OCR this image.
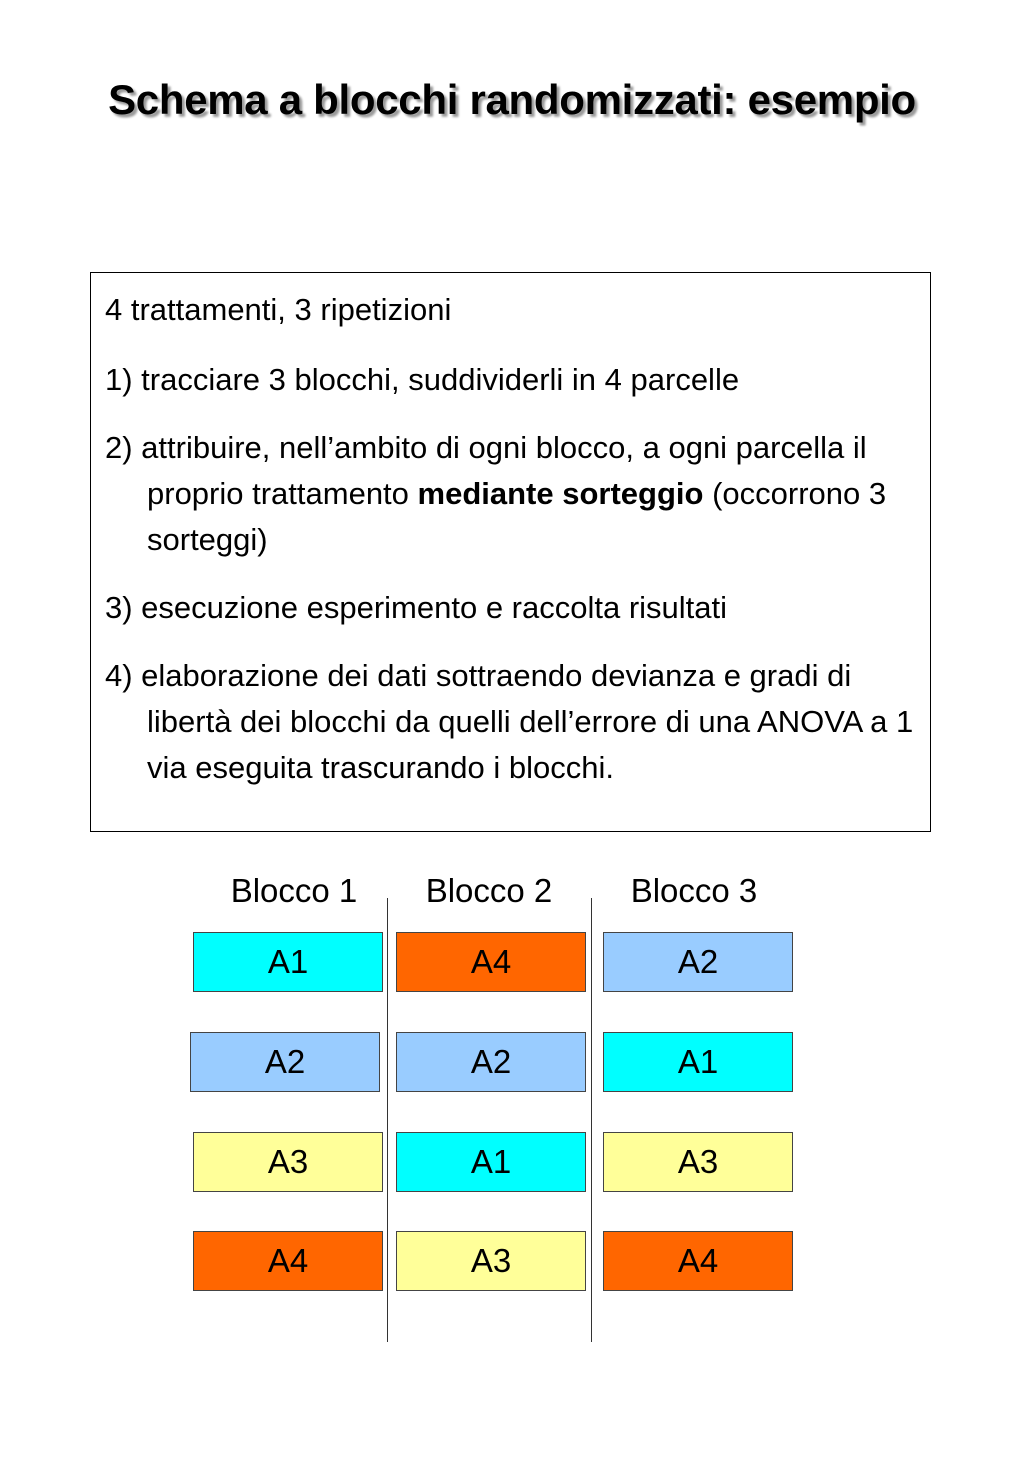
Schema a blocchi randomizzati: esempio

4 trattamenti, 3 ripetizioni

1) tracciare 3 blocchi, suddividerli in 4 parcelle

2) attribuire, nell’ambito di ogni blocco, a ogni parcella il proprio trattamento mediante sorteggio (occorrono 3 sorteggi)

3) esecuzione esperimento e raccolta risultati

4) elaborazione dei dati sottraendo devianza e gradi di libertà dei blocchi da quelli dell’errore di una ANOVA a 1 via eseguita trascurando i blocchi.

Blocco 1	Blocco 2	Blocco 3
A1
A2
A3
A4
A4
A2
A1
A3
A2
A1
A3
A4
